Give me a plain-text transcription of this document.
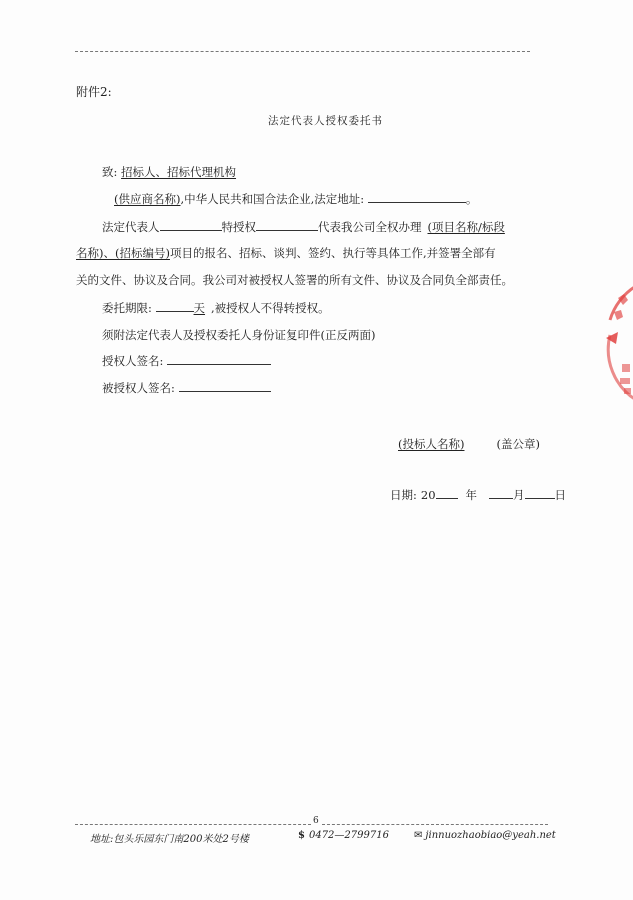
附件2:
法定代表人授权委托书
致: 招标人、招标代理机构
(供应商名称),中华人民共和国合法企业,法定地址:	。
法定代表人	特授权	代表我公司全权办理 (项目名称/标段
名称)、(招标编号)项目的报名、招标、谈判、签约、执行等具体工作,并签署全部有
关的文件、协议及合同。我公司对被授权人签署的所有文件、协议及合同负全部责任。
委托期限:	天 ,被授权人不得转授权。
须附法定代表人及授权委托人身份证复印件(正反两面)
授权人签名:
被授权人签名:
(投标人名称)	(盖公章)
日期: 20	年	月	日
6
地址:包头乐园东门南200米处2号楼	$ 0472—2799716	✉ jinnuozhaobiao@yeah.net
